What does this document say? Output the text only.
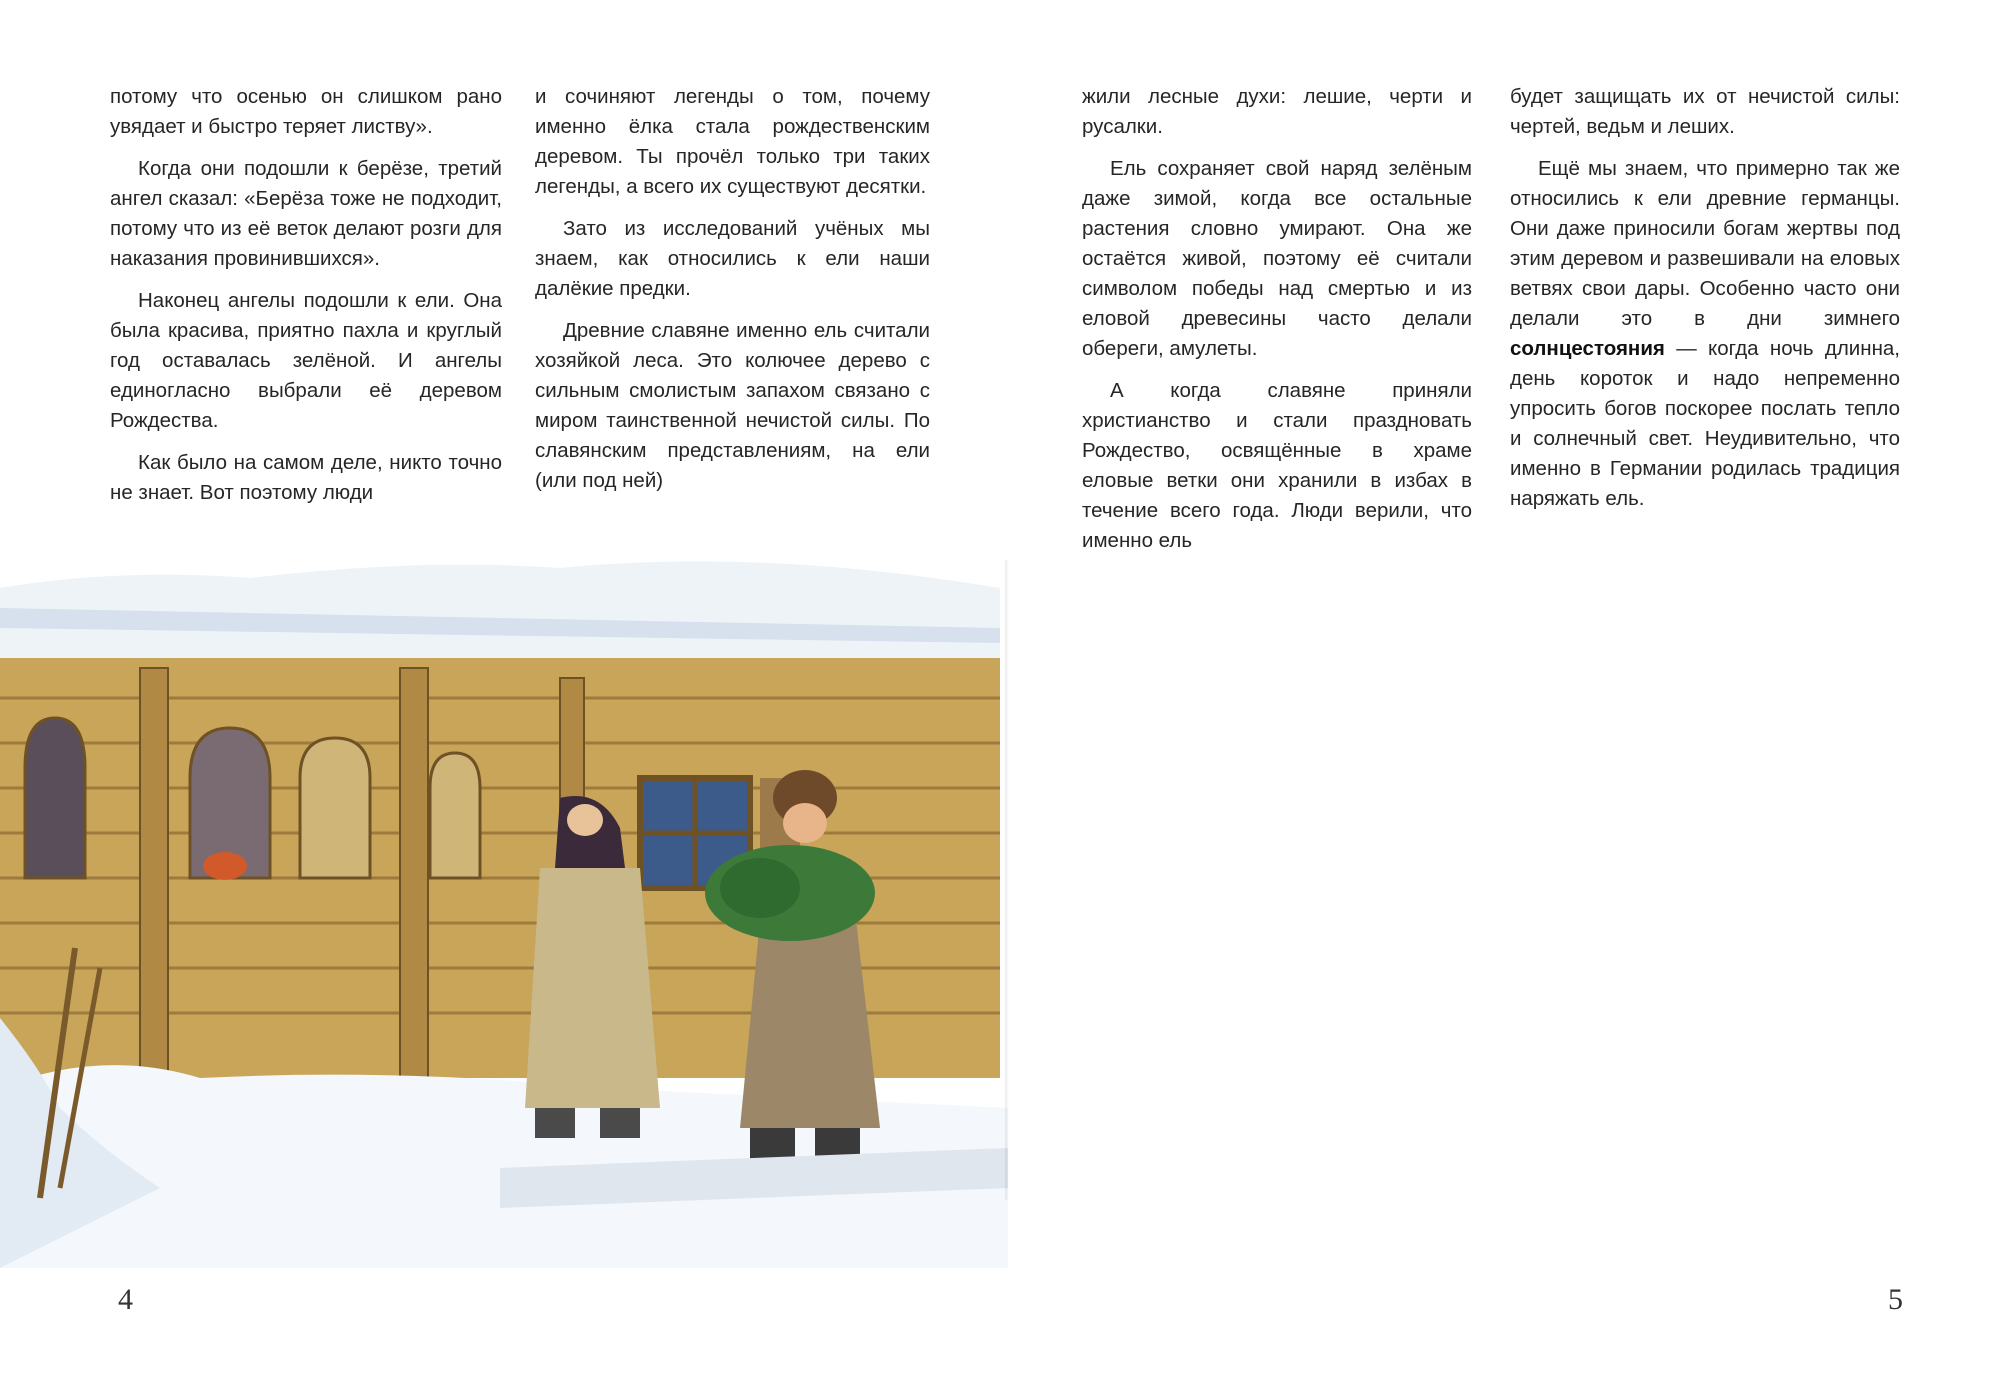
потому что осенью он слишком рано увядает и быстро теряет листву».

Когда они подошли к берёзе, третий ангел сказал: «Берёза тоже не подходит, потому что из её веток делают розги для наказания провинившихся».

Наконец ангелы подошли к ели. Она была красива, приятно пахла и круглый год оставалась зелёной. И ангелы единогласно выбрали её деревом Рождества.

Как было на самом деле, никто точно не знает. Вот поэтому люди

и сочиняют легенды о том, почему именно ёлка стала рождественским деревом. Ты прочёл только три таких легенды, а всего их существуют десятки.

Зато из исследований учёных мы знаем, как относились к ели наши далёкие предки.

Древние славяне именно ель считали хозяйкой леса. Это колючее дерево с сильным смолистым запахом связано с миром таинственной нечистой силы. По славянским представлениям, на ели (или под ней)

4

жили лесные духи: лешие, черти и русалки.

Ель сохраняет свой наряд зелёным даже зимой, когда все остальные растения словно умирают. Она же остаётся живой, поэтому её считали символом победы над смертью и из еловой древесины часто делали обереги, амулеты.

А когда славяне приняли христианство и стали праздновать Рождество, освящённые в храме еловые ветки они хранили в избах в течение всего года. Люди верили, что именно ель

будет защищать их от нечистой силы: чертей, ведьм и леших.

Ещё мы знаем, что примерно так же относились к ели древние германцы. Они даже приносили богам жертвы под этим деревом и развешивали на еловых ветвях свои дары. Особенно часто они делали это в дни зимнего солнцестояния — когда ночь длинна, день короток и надо непременно упросить богов поскорее послать тепло и солнечный свет. Неудивительно, что именно в Германии родилась традиция наряжать ель.

5
